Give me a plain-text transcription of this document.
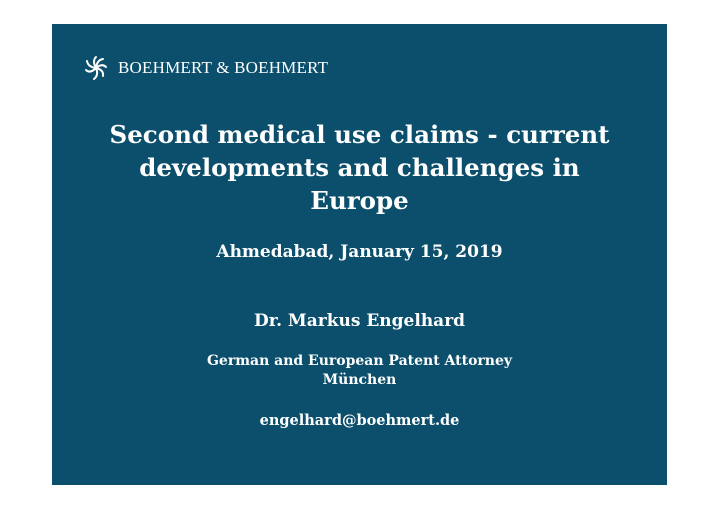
BOEHMERT & BOEHMERT
Second medical use claims - current
developments and challenges in
Europe
Ahmedabad, January 15, 2019
Dr. Markus Engelhard
German and European Patent Attorney
München
engelhard@boehmert.de
